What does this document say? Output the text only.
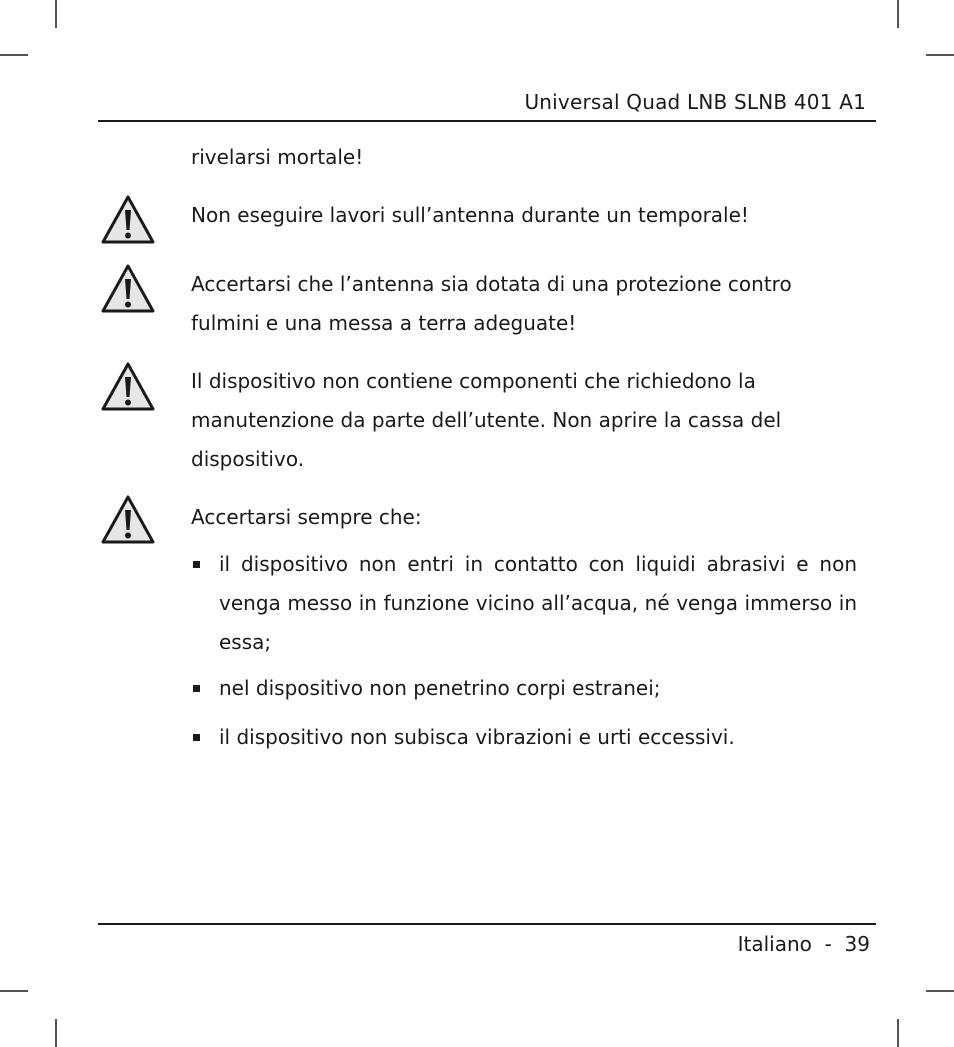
Universal Quad LNB SLNB 401 A1
rivelarsi mortale!
Non eseguire lavori sull’antenna durante un temporale!
Accertarsi che l’antenna sia dotata di una protezione contro fulmini e una messa a terra adeguate!
Il dispositivo non contiene componenti che richiedono la manutenzione da parte dell’utente. Non aprire la cassa del dispositivo.
Accertarsi sempre che:
il dispositivo non entri in contatto con liquidi abrasivi e non venga messo in funzione vicino all’acqua, né venga immerso in essa;
nel dispositivo non penetrino corpi estranei;
il dispositivo non subisca vibrazioni e urti eccessivi.
Italiano - 39
